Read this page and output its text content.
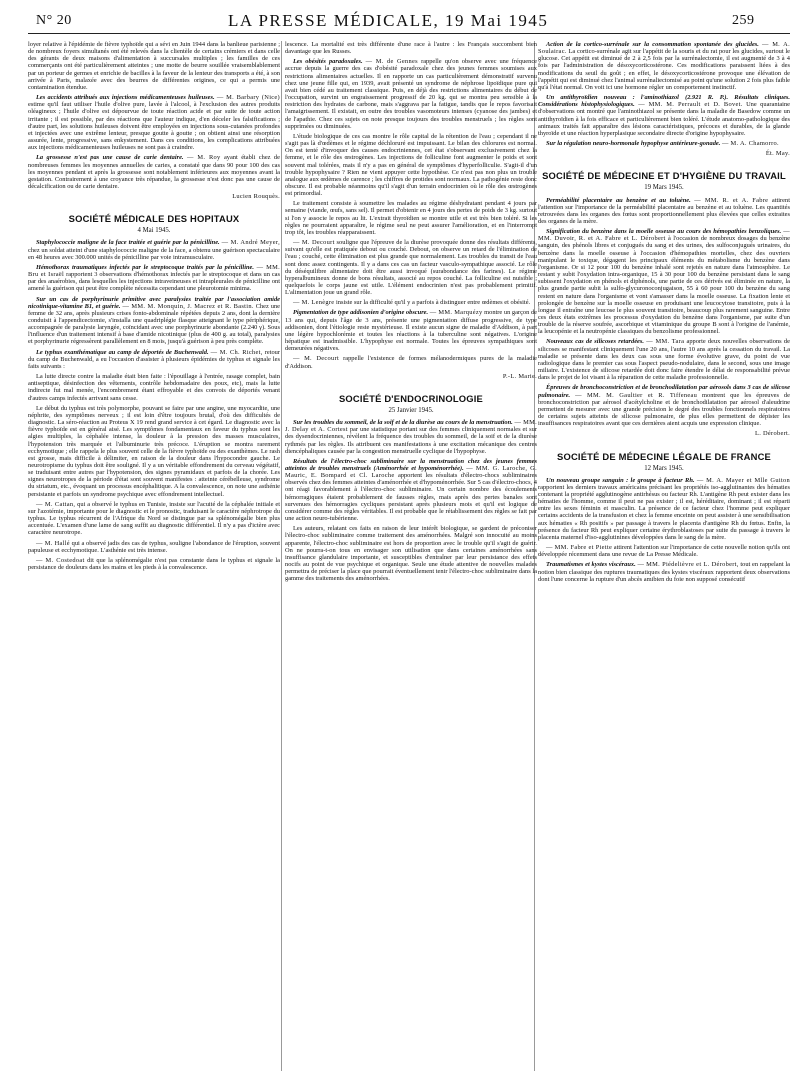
N° 20	LA PRESSE MÉDICALE, 19 Mai 1945	259

loyer relative à l'épidémie de fièvre typhoïde qui a sévi en Juin 1944 dans la banlieue parisienne ; de nombreux foyers simultanés ont été relevés dans la clientèle de certains crémiers et dans celle des gérants de deux maisons d'alimentation à succursales multiples ; les familles de ces commerçants ont été particulièrement atteintes ; une motte de beurre souillée vraisemblablement par un porteur de germes et enrichie de bacilles à la faveur de la lenteur des transports a été, à son arrivée à Paris, malaxée avec des beurres de différentes origines, ce qui a permis une contamination étendue.

Les accidents attribués aux injections médicamenteuses huileuses. — M. Barbary (Nice) estime qu'il faut utiliser l'huile d'olive pure, lavée à l'alcool, à l'exclusion des autres produits oléagineux ; l'huile d'olive est dépourvue de toute réaction acide et par suite de toute action irritante ; il est possible, par des réactions que l'auteur indique, d'en déceler les falsifications ; d'autre part, les solutions huileuses doivent être employées en injections sous-cutanées profondes et injectées avec une extrême lenteur, presque goutte à goutte ; on obtient ainsi une résorption assurée, lente, progressive, sans enkystement. Dans ces conditions, les complications attribuées aux injections médicamenteuses huileuses ne sont pas à craindre.

La grossesse n'est pas une cause de carie dentaire. — M. Roy ayant établi chez de nombreuses femmes les moyennes annuelles de caries, a constaté que dans 90 pour 100 des cas les moyennes pendant et après la grossesse sont notablement inférieures aux moyennes avant la gestation. Contrairement à une croyance très répandue, la grossesse n'est donc pas une cause de décalcification ou de carie dentaire.

Lucien Rouquès.

SOCIÉTÉ MÉDICALE DES HOPITAUX
4 Mai 1945.

Staphylococcie maligne de la face traitée et guérie par la pénicilline. — M. André Meyer, chez un soldat atteint d'une staphylococcie maligne de la face, a obtenu une guérison spectaculaire en 48 heures avec 300.000 unités de pénicilline par voie intramusculaire.

Hémothorax traumatiques infectés par le streptocoque traités par la pénicilline. — MM. Bru et Israël rapportent 3 observations d'hémothorax infectés par le streptocoque et dans un cas par des anaérobies, dans lesquelles les injections intraveineuses et intrapleurales de pénicilline ont amené la guérison qui peut être complète nécessita cependant une pleurotomie minima.

Sur un cas de porphyrinurie primitive avec paralysies traitée par l'association amide nicotinique-vitamine B1, et guérie. — MM. M. Monquin, J. Macrez et R. Bastin. Chez une femme de 32 ans, après plusieurs crises fonto-abdominale répétées depuis 2 ans, dont la dernière conduisit à l'appendicectomie, s'installa une quadriplégie flasque atteignant le type périphérique, accompagnée de paralysie laryngée, coïncidant avec une porphyrinurie abondante (2.240 γ). Sous l'influence d'un traitement intensif à base d'amide nicotinique (plus de 400 g. au total), paralysies et porphyrinurie régressèrent parallèlement en 8 mois, jusqu'à guérison à peu près complète.

Le typhus exanthématique au camp de déportés de Buchenwald. — M. Ch. Richet, retour du camp de Buchenwald, a eu l'occasion d'assister à plusieurs épidémies de typhus et signale les faits suivants :

La lutte directe contre la maladie était bien faite : l'épouillage à l'entrée, rasage complet, bain antiseptique, désinfection des vêtements, contrôle hebdomadaire des poux, etc), mais la lutte indirecte fut mal menée, l'encombrement étant effroyable et des convois de déportés venant d'autres camps infectés arrivant sans cesse.

Le début du typhus est très polymorphe, pouvant se faire par une angine, une myocardite, une néphrite, des symptômes nerveux ; il est loin d'être toujours brutal, d'où des difficultés de diagnostic. La séro-réaction au Proteus X 19 rend grand service à cet égard. Le diagnostic avec la fièvre typhoïde est en général aisé. Les symptômes fondamentaux en faveur du typhus sont les algies multiples, la céphalée intense, la douleur à la pression des masses musculaires, l'hypotension très marquée et l'albuminurie très précoce. L'éruption se montra rarement ecchymotique ; elle rappela le plus souvent celle de la fièvre typhoïde ou des exanthèmes. Le rash est grosse, mais difficile à délimiter, en raison de la douleur dans l'hypocondre gauche. Le neurotropisme du typhus doit être souligné. Il y a un véritable effondrement du cerveau végétatif, se traduisant entre autres par l'hypotension, des signes pyramidaux et parfois de la chorée. Les signes neurotropes de la période d'état sont souvent manifestes : atteinte cérébelleuse, syndrome du striatum, etc., évoquant un processus encéphalitique. A la convalescence, on note une asthénie persistante et parfois un syndrome psychique avec effondrement intellectuel.

— M. Cattan, qui a observé le typhus en Tunisie, insiste sur l'acuité de la céphalée initiale et sur l'azotémie, importante pour le diagnostic et le pronostic, traduisant le caractère néphrotrope du typhus. Le typhus récurrent de l'Afrique du Nord se distingue par sa splénomégalie bien plus accentuée. L'examen d'une lame de sang suffit au diagnostic différentiel. Il n'y a pas d'ictère avec caractère neurotrope.

— M. Hallé qui a observé jadis des cas de typhus, souligne l'abondance de l'éruption, souvent papuleuse et ecchymotique. L'asthénie est très intense.

— M. Costedoat dit que la splénomégalie n'est pas constante dans le typhus et signale la persistance de douleurs dans les mains et les pieds à la convalescence.

lescence. La mortalité est très différente d'une race à l'autre : les Français succombent bien davantage que les Russes.

Les obésités paradoxales. — M. de Gennes rappelle qu'on observe avec une fréquence accrue depuis la guerre des cas d'obésité paradoxale chez des jeunes femmes soumises aux restrictions alimentaires actuelles. Il en rapporte un cas particulièrement démonstratif survenu chez une jeune fille qui, en 1939, avait présenté un syndrome de néphrose lipoïdique pure qui avait bien cédé au traitement classique. Puis, en déjà des restrictions alimentaires du début de l'occupation, survint un engraissement progressif de 20 kg. qui se montra peu sensible à la restriction des hydrates de carbone, mais s'aggrava par la fatigue, tandis que le repos favorisait l'amaigrissement. Il existait, en outre des troubles vasomoteurs intenses (cyanose des jambes) et de l'apathie. Chez ces sujets on note presque toujours des troubles menstruels ; les règles sont supprimées ou diminuées.

L'étude biologique de ces cas montre le rôle capital de la rétention de l'eau ; cependant il ne s'agit pas là d'œdèmes et le régime déchloruré est impuissant. Le bilan des chlorures est normal. On est tenté d'invoquer des causes endocriniennes, cet état s'observant exclusivement chez la femme, et le rôle des œstrogènes. Les injections de folliculine font augmenter le poids et sont souvent mal tolérées, mais il n'y a pas en général de symptômes d'hyperfolliculie. S'agit-il d'un trouble hypophysaire ? Rien ne vient appuyer cette hypothèse. Ce n'est pas non plus un trouble analogue aux œdèmes de carence ; les chiffres de protides sont normaux. La pathogénie reste donc obscure. Il est probable néanmoins qu'il s'agit d'un terrain endocrinien où le rôle des œstrogènes est primordial.

Le traitement consiste à soumettre les malades au régime déshydratant pendant 4 jours par semaine (viande, œufs, sans sel). Il permet d'obtenir en 4 jours des pertes de poids de 3 kg. surtout si l'on y associe le repos au lit. L'extrait thyroïdien se montre utile et est très bien toléré. Si les règles ne pourraient apparaître, le régime seul ne peut assurer l'amélioration, et en l'interrompt trop tôt, les troubles réapparaissent.

— M. Decourt souligne que l'épreuve de la diurèse provoquée donne des résultats différents, suivant qu'elle est pratiquée debout ou couché. Debout, on observe un retard de l'élimination de l'eau ; couché, cette élimination est plus grande que normalement. Les troubles du transit de l'eau sont donc assez contingents. Il y a dans ces cas un facteur vasculo-sympathique associé. Le rôle du déséquilibre alimentaire doit être aussi invoqué (surabondance des farines). Le régime hyperalbumineux donne de bons résultats, associé au repos couché. La folliculine est nuisible ; quelquefois le corps jaune est utile. L'élément endocrinien n'est pas probablement primitif. L'alimentation joue un grand rôle.

— M. Lenègre insiste sur la difficulté qu'il y a parfois à distinguer entre œdèmes et obésité.

Pigmentation de type addisonien d'origine obscure. — MM. Marquézy montre un garçon de 13 ans qui, depuis l'âge de 3 ans, présente une pigmentation diffuse progressive, de type addisonien, dont l'étiologie reste mystérieuse. Il existe aucun signe de maladie d'Addison, à part une légère hypochlorémie et toutes les réactions à la tuberculine sont négatives. L'origine hépatique est inadmissible. L'hypophyse est normale. Toutes les épreuves sympathiques sont demeurées négatives.

— M. Decourt rappelle l'existence de formes mélanodermiques pures de la maladie d'Addison.

P.-L. Marie.

SOCIÉTÉ D'ENDOCRINOLOGIE
25 Janvier 1945.

Sur les troubles du sommeil, de la soif et de la diurèse au cours de la menstruation. — MM. J. Delay et A. Cortest par une statistique portant sur des femmes cliniquement normales et sur des dysendocriniennes, révèlent la fréquence des troubles du sommeil, de la soif et de la diurèse rythmés par les règles. Ils attribuent ces manifestations à une excitation mécanique des centres diencéphaliques causée par la congestion menstruelle cyclique de l'hypophyse.

Résultats de l'électro-choc subliminaire sur la menstruation chez des jeunes femmes atteintes de troubles menstruels (Aménorrhée et hypoménorrhée). — MM. G. Laroche, G. Mauric, E. Bompard et Cl. Laroche apportent les résultats d'électro-chocs subliminaires observés chez des femmes atteintes d'aménorrhée et d'hypoménorrhée. Sur 5 cas d'électro-chocs, 4 ont réagi favorablement à l'électro-choc subliminaire. Un certain nombre des écoulements hémorragiques étaient probablement de fausses règles, mais après des pertes banales sont survenues des hémorragies cycliques persistant après plusieurs mois et qu'il est logique de considérer comme des règles véritables. Il est probable que le rétablissement des règles se fait par une action neuro-tubérienne.

Les auteurs, relatant ces faits en raison de leur intérêt biologique, se gardent de préconiser l'électro-choc subliminaire comme traitement des aménorrhées. Malgré son innocuité au moins apparente, l'électro-choc subliminaire est hors de proportion avec le trouble qu'il s'agit de guérir. On ne pourra-t-on tous en envisager son utilisation que dans certaines aménorrhées sans insuffisance glandulaire importante, et susceptibles d'entraîner par leur persistance des effets nocifs au point de vue psychique et organique. Seule une étude attentive de nouvelles malades permettra de préciser la place que pourrait éventuellement tenir l'électro-choc subliminaire dans la gamme des traitements des aménorrhées.

Action de la cortico-surrénale sur la consommation spontanée des glucides. — M. A. Soulairac. La cortico-surrénale agit sur l'appétit de la souris et du rat pour les glucides, surtout le glucose. Cet appétit est diminué de 2 à 2,5 fois par la surrénalectomie, il est augmenté de 3 à 4 fois par l'administration de désoxycorticostérone. Ces modifications paraissent liées à des modifications du seuil du goût ; en effet, le désoxycorticostérone provoque une élévation de l'appétit qui est diminué chez l'animal surrénaliectomisé au point qu'une solution 2 fois plus faible qu'à l'état normal. On voit ici une hormone régler un comportement instinctif.

Un antithyroïdien nouveau : l'aminothiazol (2.921 R. P.). Résultats cliniques. Considérations histophysiologiques. — MM. M. Perrault et D. Bovet. Une quarantaine d'observations ont montré que l'aminothiazol se présente dans la maladie de Basedow comme un antithyroïdien à la fois efficace et particulièrement bien toléré. L'étude anatomo-pathologique des animaux traités fait apparaître des lésions caractéristiques, précoces et durables, de la glande thyroïde et une réaction hyperplasique secondaire directe d'origine hypophysaire.

Sur la régulation neuro-hormonale hypophyse antérieure-gonade. — M. A. Chamorro.

Ét. May.

SOCIÉTÉ DE MÉDECINE ET D'HYGIÈNE DU TRAVAIL
19 Mars 1945.

Perméabilité placentaire au benzène et au toluène. — MM. R. et A. Fabre attirent l'attention sur l'importance de la perméabilité placentaire au benzène et au toluène. Les quantités retrouvées dans les organes des fœtus sont proportionnellement plus élevées que celles extraites des organes de la mère.

Signification du benzène dans la moelle osseuse au cours des hémopathies benzoliques. — MM. Duvoir, R. et A. Fabre et L. Dérobert à l'occasion de nombreux dosages du benzène sanguin, des phénols libres et conjugués du sang et des urines, des sulfoconjugués urinaires, du benzène dans la moelle osseuse à l'occasion d'hémopathies mortelles, chez des ouvriers manipulant le toxique, dégagent les principaux éléments du métabolisme du benzène dans l'organisme. Or si 12 pour 100 du benzène inhalé sont rejetés en nature dans l'atmosphère. Le restant y subit l'oxydation intra-organique, 15 à 30 pour 100 du benzène persistant dans le sang subissent l'oxydation en phénols et diphénols, une partie de ces dérivés est éliminée en nature, la plus grande partie subit la sulfo-glycuronoconjugaison, 55 à 60 pour 100 du benzène du sang restent en nature dans l'organisme et vont s'amasser dans la moelle osseuse. La fixation lente et prolongée de benzène sur la moelle osseuse en produisant une leucocytose transitoire, puis à la longue il entraîne une leucose le plus souvent transitoire, beaucoup plus rarement sanguine. Entre ces deux états extrêmes les processus d'oxydation du benzène dans l'organisme, par suite d'un trouble de la réserve soufrée, ascorbique et vitaminique du groupe B sont à l'origine de l'anémie, la leucopénie et la neutropénie classiques du benzolisme professionnel.

Nouveaux cas de silicoses retardées. — MM. Tara apporte deux nouvelles observations de silicoses se manifestant cliniquement l'une 20 ans, l'autre 10 ans après la cessation du travail. La maladie se présente dans les deux cas sous une forme évolutive grave, du point de vue radiologique dans le premier cas sous l'aspect pseudo-nodulaire, dans le second, sous une image miliaire. L'existence de silicose retardée doit donc faire étendre le délai de responsabilité prévue dans le projet de loi visant à la réparation de cette maladie professionnelle.

Épreuves de bronchoconstriction et de bronchodilatation par aérosols dans 3 cas de silicose pulmonaire. — MM. M. Gaultier et R. Tiffeneau montrent que les épreuves de bronchoconstriction par aérosol d'acétylcholine et de bronchodilatation par aérosol d'aleudrine permettent de mesurer avec une grande précision le degré des troubles fonctionnels respiratoires de certains sujets atteints de silicose pulmonaire, de plus elles permettent de dépister les insuffisances respiratoires avant que ces dernières aient acquis une expression clinique.

L. Dérobert.

SOCIÉTÉ DE MÉDECINE LÉGALE DE FRANCE
12 Mars 1945.

Un nouveau groupe sanguin : le groupe à facteur Rh. — M. A. Mayer et Mlle Guiton rapportent les derniers travaux américains précisant les propriétés iso-agglutinantes des hématies contenant la propriété agglutinogène antirhésus ou facteur Rh. L'antigène Rh peut exister dans les hématies de l'homme, comme il peut ne pas exister ; il est, héréditaire, dominant ; il est réparti entre les sexes féminin et masculin. La présence de ce facteur chez l'homme peut expliquer certains accidents de la transfusion et chez la femme enceinte on peut assister à une sensibilisation aux hématies « Rh positifs » par passage à travers le placenta d'antigène Rh du fœtus. Enfin, la présence du facteur Rh peut expliquer certaine érythroblastoses par suite du passage à travers le placenta maternel d'iso-agglutinines développées dans le sang de la mère.

— MM. Fabre et Piette attirent l'attention sur l'importance de cette nouvelle notion qu'ils ont développée récemment dans une revue de La Presse Médicale.

Traumatismes et kystes viscéraux. — MM. Piédelièvre et L. Dérobert, tout en rappelant la notion bien classique des ruptures traumatiques des kystes viscéraux rapportent deux observations dont l'une concerne la rupture d'un abcès amibien du foie non supposé consécutif
